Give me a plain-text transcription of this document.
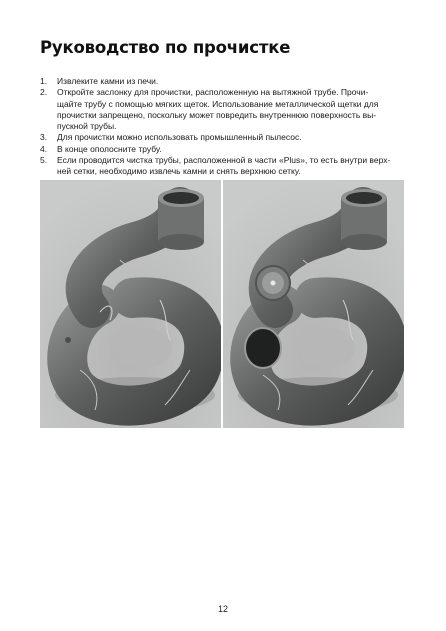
Руководство по прочистке
1. Извлеките камни из печи.
2. Откройте заслонку для прочистки, расположенную на вытяжной трубе. Прочи-
щайте трубу с помощью мягких щеток. Использование металлической щетки для
прочистки запрещено, поскольку может повредить внутреннюю поверхность вы-
пускной трубы.
3. Для прочистки можно использовать промышленный пылесос.
4. В конце ополосните трубу.
5. Если проводится чистка трубы, расположенной в части «Plus», то есть внутри верх-
ней сетки, необходимо извлечь камни и снять верхнюю сетку.
12
